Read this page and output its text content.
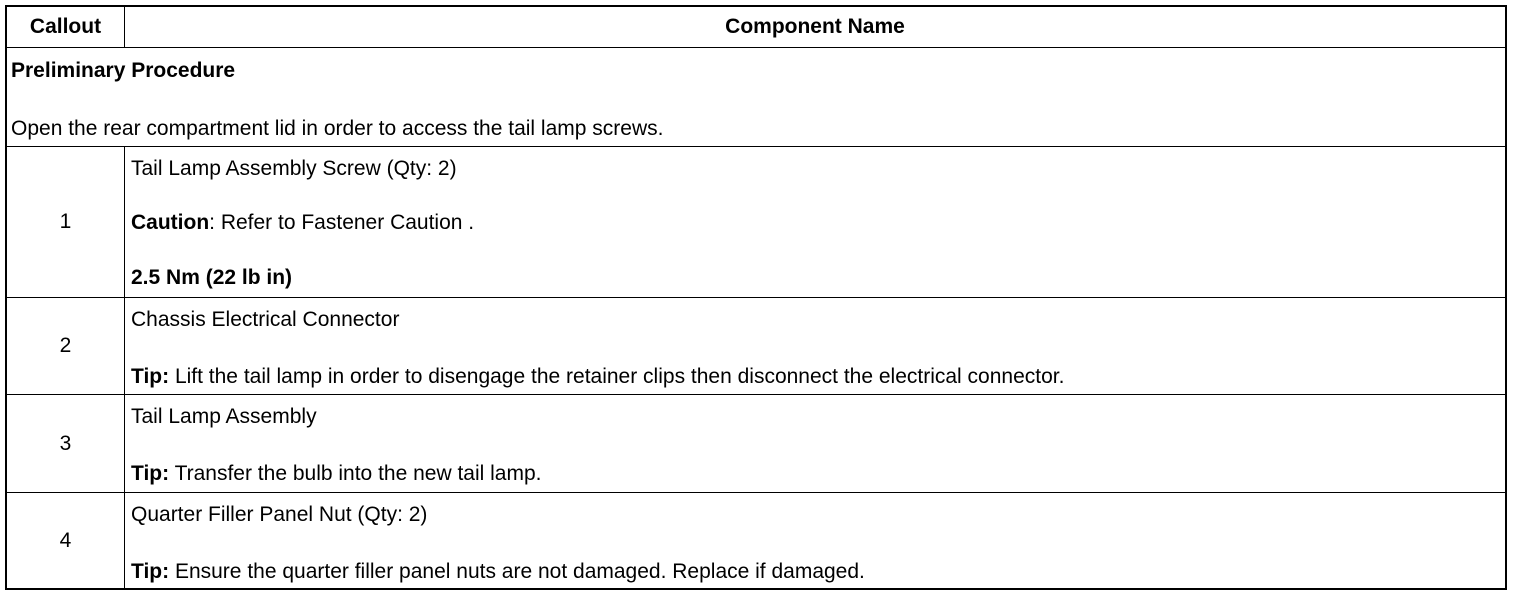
Callout	Component Name
Preliminary Procedure
Open the rear compartment lid in order to access the tail lamp screws.
1
Tail Lamp Assembly Screw (Qty: 2)
Caution: Refer to Fastener Caution .
2.5 Nm (22 lb in)
2
Chassis Electrical Connector
Tip: Lift the tail lamp in order to disengage the retainer clips then disconnect the electrical connector.
3
Tail Lamp Assembly
Tip: Transfer the bulb into the new tail lamp.
4
Quarter Filler Panel Nut (Qty: 2)
Tip: Ensure the quarter filler panel nuts are not damaged. Replace if damaged.
